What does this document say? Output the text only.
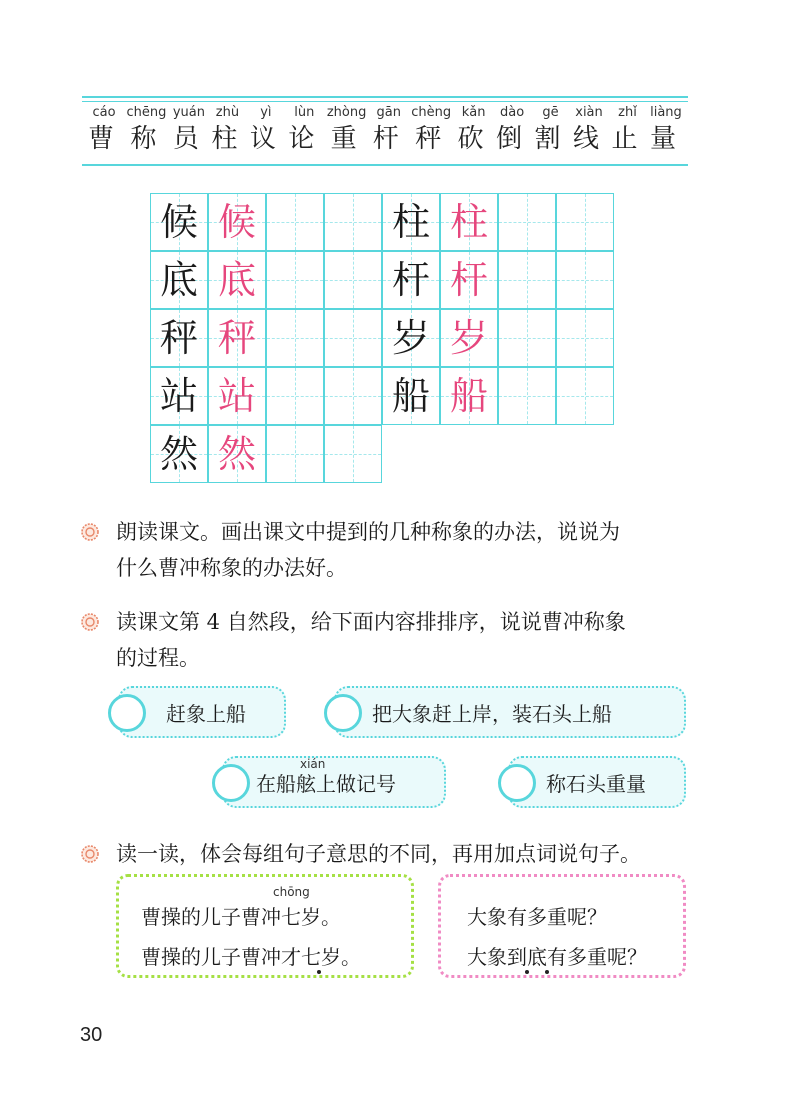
cáo
曹
chēng
称
yuán
员
zhù
柱
yì
议
lùn
论
zhòng
重
gān
杆
chèng
秤
kǎn
砍
dào
倒
gē
割
xiàn
线
zhǐ
止
liàng
量
候 候
底 底
秤 秤
站 站
然 然
柱 柱
杆 杆
岁 岁
船 船
朗读课文。画出课文中提到的几种称象的办法，说说为
什么曹冲称象的办法好。
读课文第 4 自然段，给下面内容排排序，说说曹冲称象
的过程。
赶象上船	把大象赶上岸，装石头上船
在船舷上做记号
xián
称石头重量
读一读，体会每组句子意思的不同，再用加点词说句子。
曹操的儿子曹冲七岁。
曹操的儿子曹冲才七岁。
chōng
大象有多重呢？
大象到底有多重呢？
30
